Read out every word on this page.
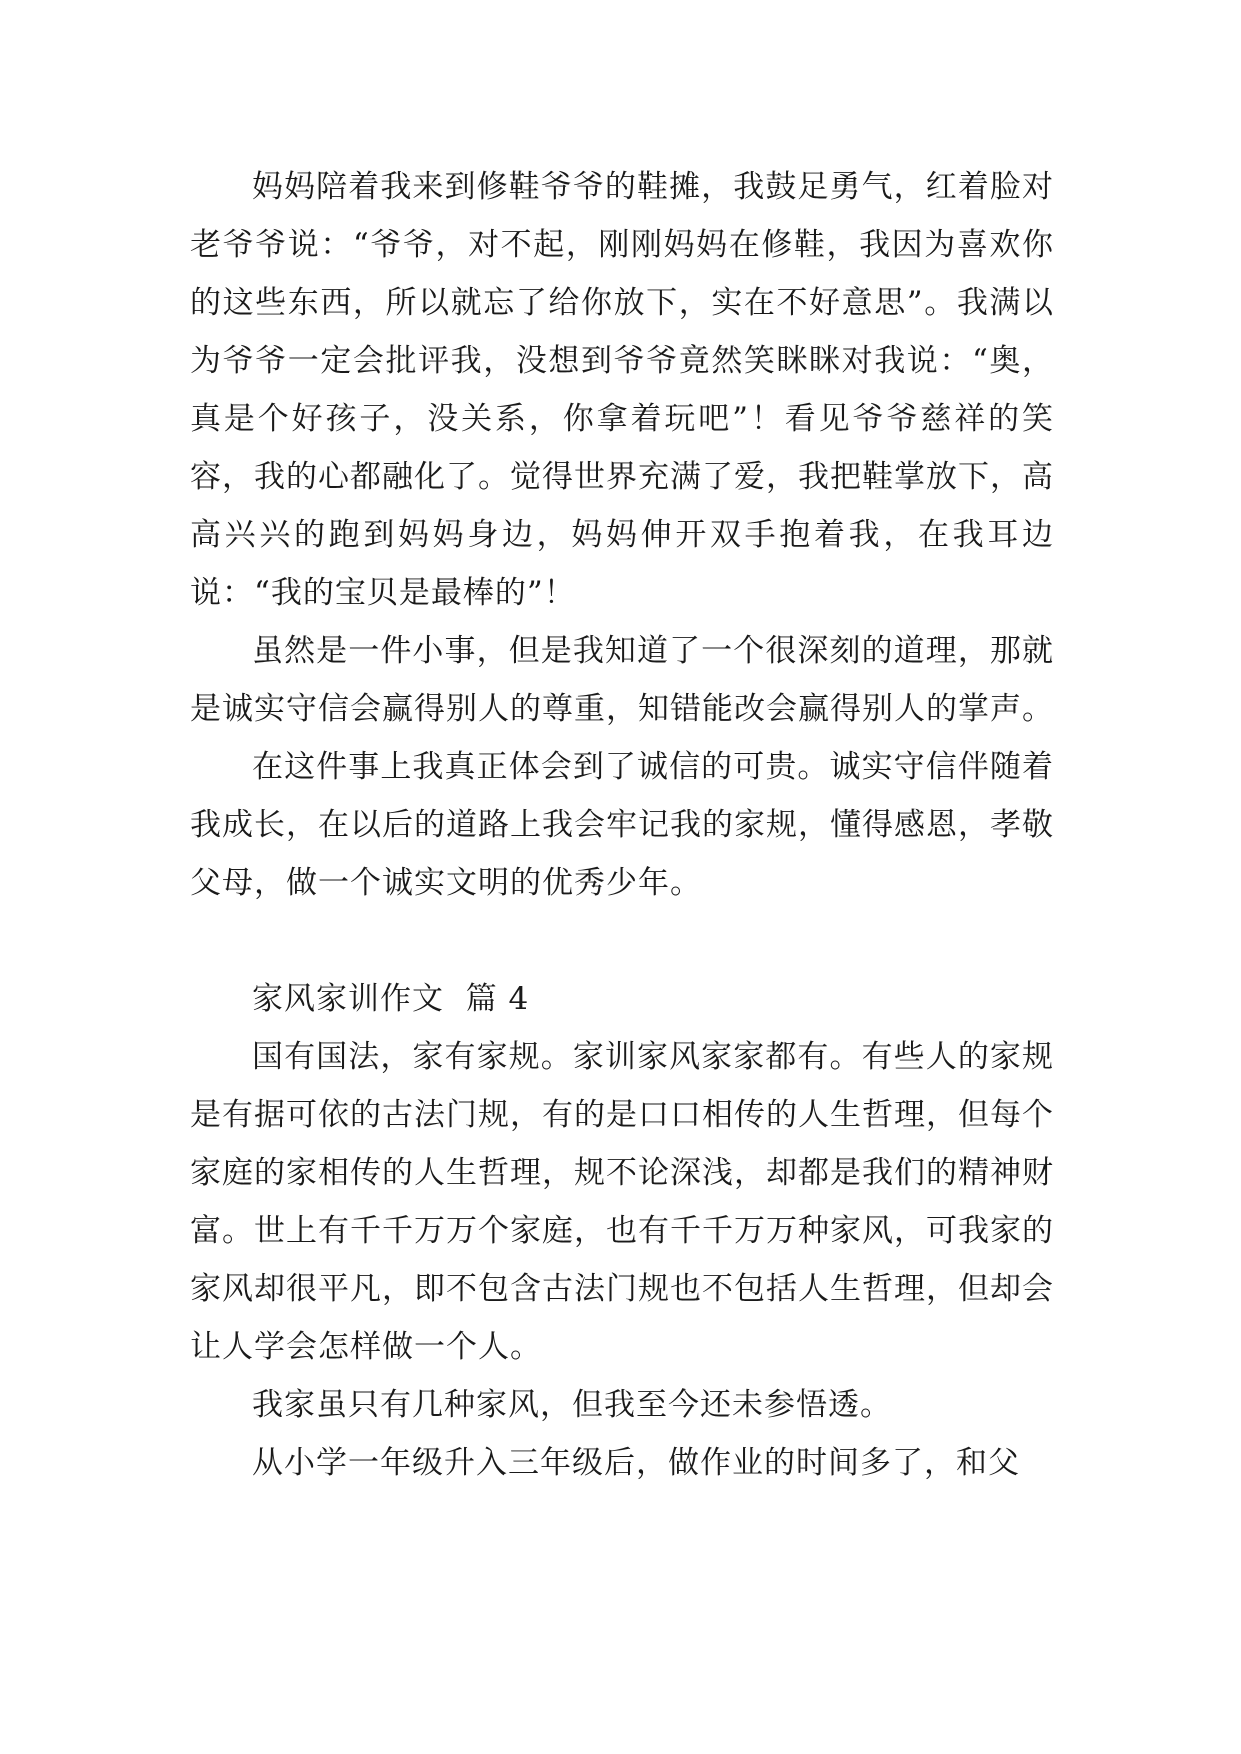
妈妈陪着我来到修鞋爷爷的鞋摊，我鼓足勇气，红着脸对老爷爷说：“爷爷，对不起，刚刚妈妈在修鞋，我因为喜欢你的这些东西，所以就忘了给你放下，实在不好意思”。我满以为爷爷一定会批评我，没想到爷爷竟然笑眯眯对我说：“奥，真是个好孩子，没关系，你拿着玩吧”！看见爷爷慈祥的笑容，我的心都融化了。觉得世界充满了爱，我把鞋掌放下，高高兴兴的跑到妈妈身边，妈妈伸开双手抱着我，在我耳边说：“我的宝贝是最棒的”！

虽然是一件小事，但是我知道了一个很深刻的道理，那就是诚实守信会赢得别人的尊重，知错能改会赢得别人的掌声。

在这件事上我真正体会到了诚信的可贵。诚实守信伴随着我成长，在以后的道路上我会牢记我的家规，懂得感恩，孝敬父母，做一个诚实文明的优秀少年。

家风家训作文  篇 4

国有国法，家有家规。家训家风家家都有。有些人的家规是有据可依的古法门规，有的是口口相传的人生哲理，但每个家庭的家相传的人生哲理，规不论深浅，却都是我们的精神财富。世上有千千万万个家庭，也有千千万万种家风，可我家的家风却很平凡，即不包含古法门规也不包括人生哲理，但却会让人学会怎样做一个人。

我家虽只有几种家风，但我至今还未参悟透。

从小学一年级升入三年级后，做作业的时间多了，和父
